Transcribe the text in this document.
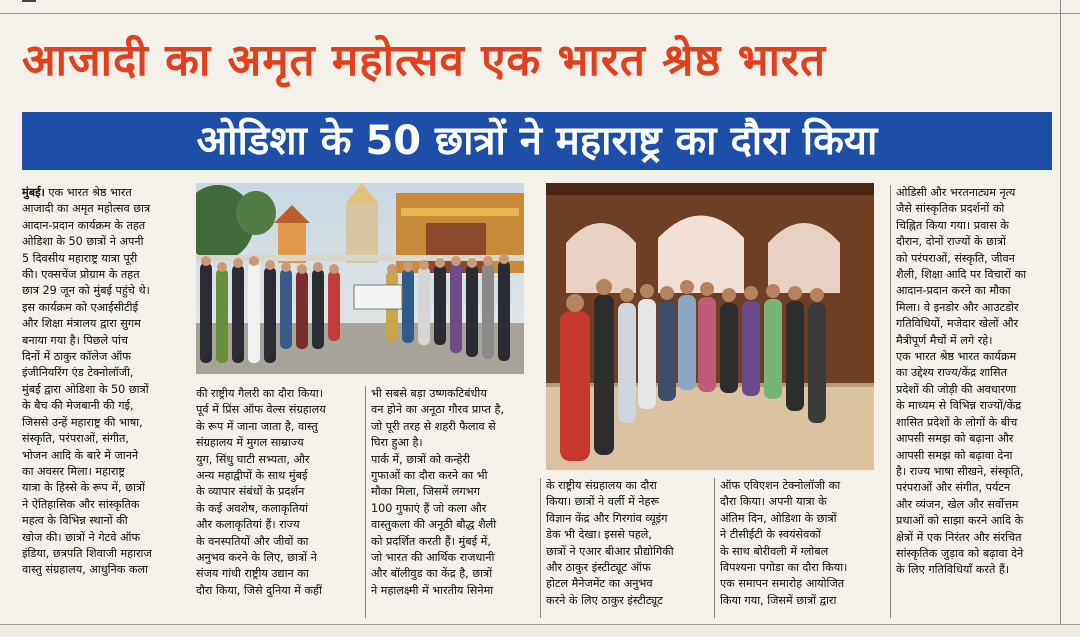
आजादी का अमृत महोत्सव एक भारत श्रेष्ठ भारत
ओडिशा के 50 छात्रों ने महाराष्ट्र का दौरा किया
मुंबई। एक भारत श्रेष्ठ भारत
आजादी का अमृत महोत्सव छात्र
आदान-प्रदान कार्यक्रम के तहत
ओडिशा के 50 छात्रों ने अपनी
5 दिवसीय महाराष्ट्र यात्रा पूरी
की। एक्सचेंज प्रोग्राम के तहत
छात्र 29 जून को मुंबई पहुंचे थे।
इस कार्यक्रम को एआईसीटीई
और शिक्षा मंत्रालय द्वारा सुगम
बनाया गया है। पिछले पांच
दिनों में ठाकुर कॉलेज ऑफ
इंजीनियरिंग एंड टेक्नोलॉजी,
मुंबई द्वारा ओडिशा के 50 छात्रों
के बैच की मेजबानी की गई,
जिससे उन्हें महाराष्ट्र की भाषा,
संस्कृति, परंपराओं, संगीत,
भोजन आदि के बारे में जानने
का अवसर मिला। महाराष्ट्र
यात्रा के हिस्से के रूप में, छात्रों
ने ऐतिहासिक और सांस्कृतिक
महत्व के विभिन्न स्थानों की
खोज की। छात्रों ने गेटवे ऑफ
इंडिया, छत्रपति शिवाजी महाराज
वास्तु संग्रहालय, आधुनिक कला
की राष्ट्रीय गैलरी का दौरा किया।
पूर्व में प्रिंस ऑफ वेल्स संग्रहालय
के रूप में जाना जाता है, वास्तु
संग्रहालय में मुगल साम्राज्य
युग, सिंधु घाटी सभ्यता, और
अन्य महाद्वीपों के साथ मुंबई
के व्यापार संबंधों के प्रदर्शन
के कई अवशेष, कलाकृतियां
और कलाकृतियां हैं। राज्य
के वनस्पतियों और जीवों का
अनुभव करने के लिए, छात्रों ने
संजय गांधी राष्ट्रीय उद्यान का
दौरा किया, जिसे दुनिया में कहीं
भी सबसे बड़ा उष्णकटिबंधीय
वन होने का अनूठा गौरव प्राप्त है,
जो पूरी तरह से शहरी फैलाव से
घिरा हुआ है।
पार्क में, छात्रों को कन्हेरी
गुफाओं का दौरा करने का भी
मौका मिला, जिसमें लगभग
100 गुफाएं हैं जो कला और
वास्तुकला की अनूठी बौद्ध शैली
को प्रदर्शित करती हैं। मुंबई में,
जो भारत की आर्थिक राजधानी
और बॉलीवुड का केंद्र है, छात्रों
ने महालक्ष्मी में भारतीय सिनेमा
के राष्ट्रीय संग्रहालय का दौरा
किया। छात्रों ने वर्ली में नेहरू
विज्ञान केंद्र और गिरगांव व्यूइंग
डेक भी देखा। इससे पहले,
छात्रों ने एआर बीआर प्रौद्योगिकी
और ठाकुर इंस्टीट्यूट ऑफ
होटल मैनेजमेंट का अनुभव
करने के लिए ठाकुर इंस्टीट्यूट
ऑफ एविएशन टेक्नोलॉजी का
दौरा किया। अपनी यात्रा के
अंतिम दिन, ओडिशा के छात्रों
ने टीसीईटी के स्वयंसेवकों
के साथ बोरीवली में ग्लोबल
विपश्यना पगोडा का दौरा किया।
एक समापन समारोह आयोजित
किया गया, जिसमें छात्रों द्वारा
ओडिसी और भरतनाट्यम नृत्य
जैसे सांस्कृतिक प्रदर्शनों को
चिह्नित किया गया। प्रवास के
दौरान, दोनों राज्यों के छात्रों
को परंपराओं, संस्कृति, जीवन
शैली, शिक्षा आदि पर विचारों का
आदान-प्रदान करने का मौका
मिला। वे इनडोर और आउटडोर
गतिविधियों, मजेदार खेलों और
मैत्रीपूर्ण मैचों में लगे रहे।
एक भारत श्रेष्ठ भारत कार्यक्रम
का उद्देश्य राज्य/केंद्र शासित
प्रदेशों की जोड़ी की अवधारणा
के माध्यम से विभिन्न राज्यों/केंद्र
शासित प्रदेशों के लोगों के बीच
आपसी समझ को बढ़ाना और
आपसी समझ को बढ़ावा देना
है। राज्य भाषा सीखने, संस्कृति,
परंपराओं और संगीत, पर्यटन
और व्यंजन, खेल और सर्वोत्तम
प्रथाओं को साझा करने आदि के
क्षेत्रों में एक निरंतर और संरचित
सांस्कृतिक जुड़ाव को बढ़ावा देने
के लिए गतिविधियाँ करते हैं।
